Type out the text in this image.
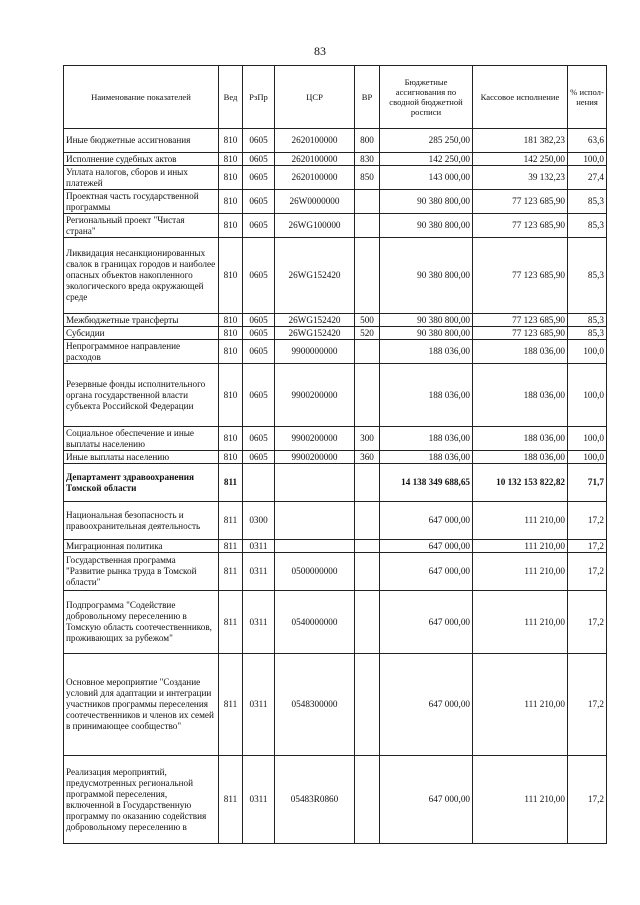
83
Наименование показателей	Вед	РзПр	ЦСР	ВР	Бюджетные ассигнования по сводной бюджетной росписи	Кассовое исполнение	% испол-нения
Иные бюджетные ассигнования	810	0605	2620100000	800	285 250,00	181 382,23	63,6
Исполнение судебных актов	810	0605	2620100000	830	142 250,00	142 250,00	100,0
Уплата налогов, сборов и иных платежей	810	0605	2620100000	850	143 000,00	39 132,23	27,4
Проектная часть государственной программы	810	0605	26W0000000		90 380 800,00	77 123 685,90	85,3
Региональный проект "Чистая страна"	810	0605	26WG100000		90 380 800,00	77 123 685,90	85,3
Ликвидация несанкционированных свалок в границах городов и наиболее опасных объектов накопленного экологического вреда окружающей среде	810	0605	26WG152420		90 380 800,00	77 123 685,90	85,3
Межбюджетные трансферты	810	0605	26WG152420	500	90 380 800,00	77 123 685,90	85,3
Субсидии	810	0605	26WG152420	520	90 380 800,00	77 123 685,90	85,3
Непрограммное направление расходов	810	0605	9900000000		188 036,00	188 036,00	100,0
Резервные фонды исполнительного органа государственной власти субъекта Российской Федерации	810	0605	9900200000		188 036,00	188 036,00	100,0
Социальное обеспечение и иные выплаты населению	810	0605	9900200000	300	188 036,00	188 036,00	100,0
Иные выплаты населению	810	0605	9900200000	360	188 036,00	188 036,00	100,0
Департамент здравоохранения Томской области	811				14 138 349 688,65	10 132 153 822,82	71,7
Национальная безопасность и правоохранительная деятельность	811	0300			647 000,00	111 210,00	17,2
Миграционная политика	811	0311			647 000,00	111 210,00	17,2
Государственная программа "Развитие рынка труда в Томской области"	811	0311	0500000000		647 000,00	111 210,00	17,2
Подпрограмма "Содействие добровольному переселению в Томскую область соотечественников, проживающих за рубежом"	811	0311	0540000000		647 000,00	111 210,00	17,2
Основное мероприятие "Создание условий для адаптации и интеграции участников программы переселения соотечественников и членов их семей в принимающее сообщество"	811	0311	0548300000		647 000,00	111 210,00	17,2
Реализация мероприятий, предусмотренных региональной программой переселения, включенной в Государственную программу по оказанию содействия добровольному переселению в	811	0311	05483R0860		647 000,00	111 210,00	17,2
